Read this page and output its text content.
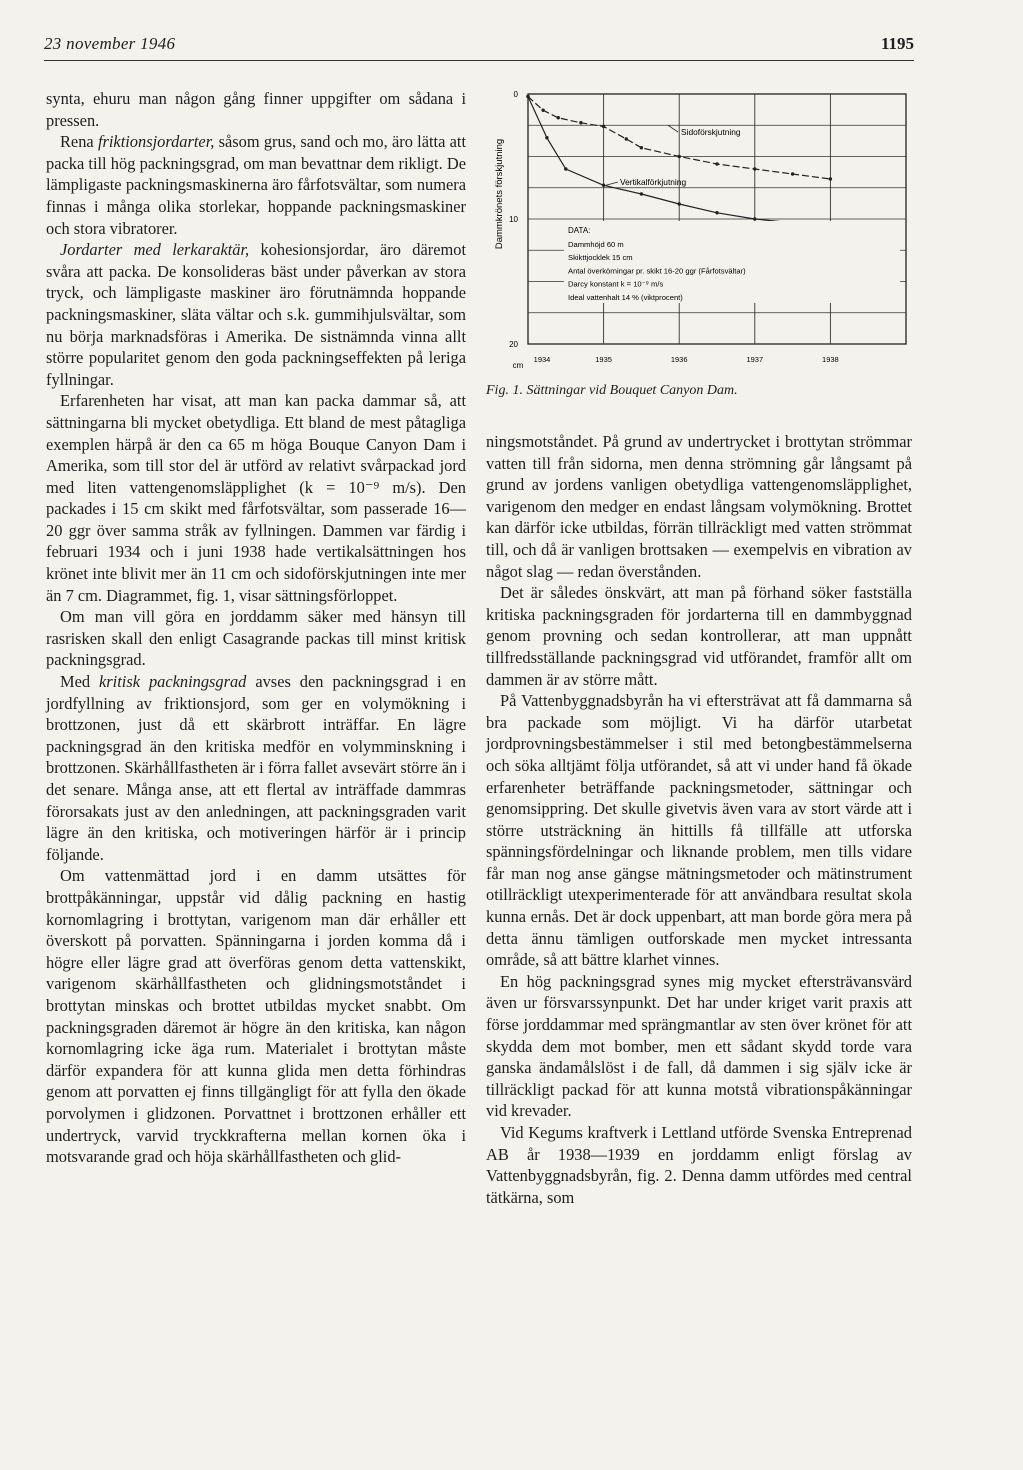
23 november 1946	1195

synta, ehuru man någon gång finner uppgifter om sådana i pressen.

Rena friktionsjordarter, såsom grus, sand och mo, äro lätta att packa till hög packningsgrad, om man bevattnar dem rikligt. De lämpligaste packningsmaskinerna äro fårfotsvältar, som numera finnas i många olika storlekar, hoppande packningsmaskiner och stora vibratorer.

Jordarter med lerkaraktär, kohesionsjordar, äro däremot svåra att packa. De konsolideras bäst under påverkan av stora tryck, och lämpligaste maskiner äro förutnämnda hoppande packningsmaskiner, släta vältar och s.k. gummihjulsvältar, som nu börja marknadsföras i Amerika. De sistnämnda vinna allt större popularitet genom den goda packningseffekten på leriga fyllningar.

Erfarenheten har visat, att man kan packa dammar så, att sättningarna bli mycket obetydliga. Ett bland de mest påtagliga exemplen härpå är den ca 65 m höga Bouque Canyon Dam i Amerika, som till stor del är utförd av relativt svårpackad jord med liten vattengenomsläpplighet (k = 10⁻⁹ m/s). Den packades i 15 cm skikt med fårfotsvältar, som passerade 16—20 ggr över samma stråk av fyllningen. Dammen var färdig i februari 1934 och i juni 1938 hade vertikalsättningen hos krönet inte blivit mer än 11 cm och sidoförskjutningen inte mer än 7 cm. Diagrammet, fig. 1, visar sättningsförloppet.

Om man vill göra en jorddamm säker med hänsyn till rasrisken skall den enligt Casagrande packas till minst kritisk packningsgrad.

Med kritisk packningsgrad avses den packningsgrad i en jordfyllning av friktionsjord, som ger en volymökning i brottzonen, just då ett skärbrott inträffar. En lägre packningsgrad än den kritiska medför en volymminskning i brottzonen. Skärhållfastheten är i förra fallet avsevärt större än i det senare. Många anse, att ett flertal av inträffade dammras förorsakats just av den anledningen, att packningsgraden varit lägre än den kritiska, och motiveringen härför är i princip följande.

Om vattenmättad jord i en damm utsättes för brottpåkänningar, uppstår vid dålig packning en hastig kornomlagring i brottytan, varigenom man där erhåller ett överskott på porvatten. Spänningarna i jorden komma då i högre eller lägre grad att överföras genom detta vattenskikt, varigenom skärhållfastheten och glidningsmotståndet i brottytan minskas och brottet utbildas mycket snabbt. Om packningsgraden däremot är högre än den kritiska, kan någon kornomlagring icke äga rum. Materialet i brottytan måste därför expandera för att kunna glida men detta förhindras genom att porvatten ej finns tillgängligt för att fylla den ökade porvolymen i glidzonen. Porvattnet i brottzonen erhåller ett undertryck, varvid tryckkrafterna mellan kornen öka i motsvarande grad och höja skärhållfastheten och glid-

Dammkrönets förskjutning
cm
0
10
20
1934	1935	1936	1937	1938
DATA:
Dammhöjd 60 m
Skikttjocklek 15 cm
Antal överkörningar pr. skikt 16-20 ggr (Fårfotsvältar)
Darcy konstant k = 10⁻⁹ m/s
Ideal vattenhalt 14 % (viktprocent)
Sidoförskjutning
Vertikalförkjutning
Fig. 1. Sättningar vid Bouquet Canyon Dam.

ningsmotståndet. På grund av undertrycket i brottytan strömmar vatten till från sidorna, men denna strömning går långsamt på grund av jordens vanligen obetydliga vattengenomsläpplighet, varigenom den medger en endast långsam volymökning. Brottet kan därför icke utbildas, förrän tillräckligt med vatten strömmat till, och då är vanligen brottsaken — exempelvis en vibration av något slag — redan överstånden.

Det är således önskvärt, att man på förhand söker fastställa kritiska packningsgraden för jordarterna till en dammbyggnad genom provning och sedan kontrollerar, att man uppnått tillfredsställande packningsgrad vid utförandet, framför allt om dammen är av större mått.

På Vattenbyggnadsbyrån ha vi eftersträvat att få dammarna så bra packade som möjligt. Vi ha därför utarbetat jordprovningsbestämmelser i stil med betongbestämmelserna och söka alltjämt följa utförandet, så att vi under hand få ökade erfarenheter beträffande packningsmetoder, sättningar och genomsippring. Det skulle givetvis även vara av stort värde att i större utsträckning än hittills få tillfälle att utforska spänningsfördelningar och liknande problem, men tills vidare får man nog anse gängse mätningsmetoder och mätinstrument otillräckligt utexperimenterade för att användbara resultat skola kunna ernås. Det är dock uppenbart, att man borde göra mera på detta ännu tämligen outforskade men mycket intressanta område, så att bättre klarhet vinnes.

En hög packningsgrad synes mig mycket eftersträvansvärd även ur försvarssynpunkt. Det har under kriget varit praxis att förse jorddammar med sprängmantlar av sten över krönet för att skydda dem mot bomber, men ett sådant skydd torde vara ganska ändamålslöst i de fall, då dammen i sig själv icke är tillräckligt packad för att kunna motstå vibrationspåkänningar vid krevader.

Vid Kegums kraftverk i Lettland utförde Svenska Entreprenad AB år 1938—1939 en jorddamm enligt förslag av Vattenbyggnadsbyrån, fig. 2. Denna damm utfördes med central tätkärna, som
